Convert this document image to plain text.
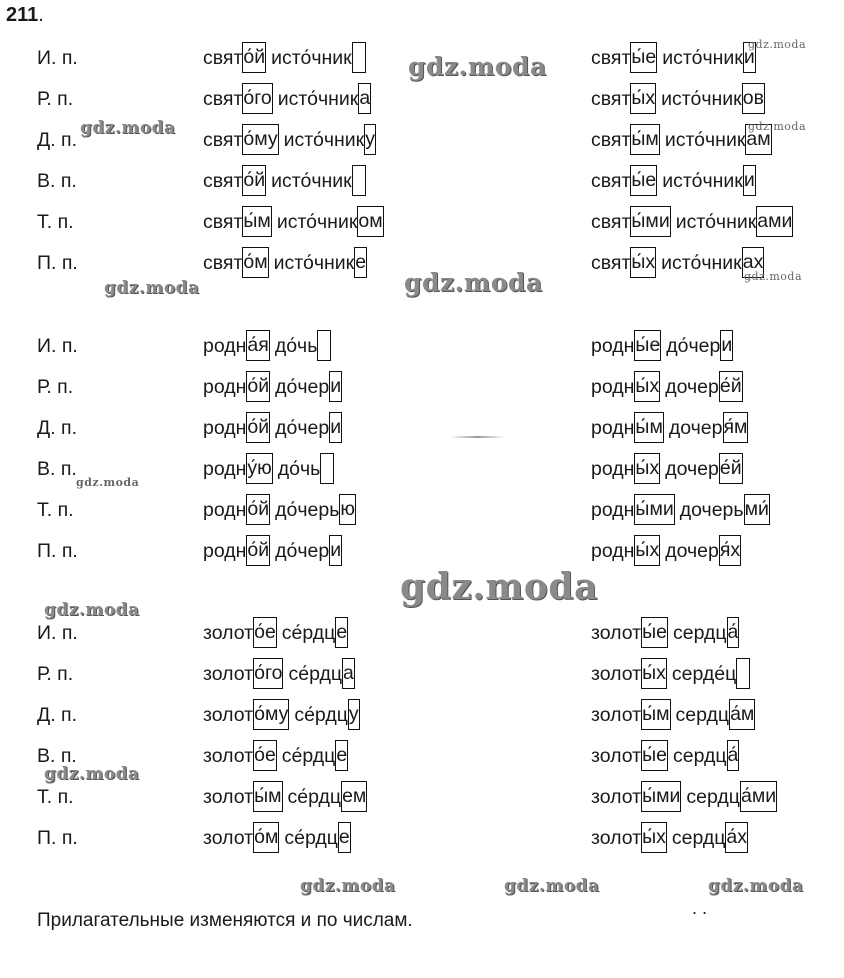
211.
И. п.	свято́й исто́чник	святы́е исто́чники
Р. п.	свято́го исто́чника	святы́х исто́чников
Д. п.	свято́му исто́чнику	святы́м исто́чникам
В. п.	свято́й исто́чник	святы́е исто́чники
Т. п.	святы́м исто́чником	святы́ми исто́чниками
П. п.	свято́м исто́чнике	святы́х исто́чниках
И. п.	родна́я до́чь	родны́е до́чери
Р. п.	родно́й до́чери	родны́х дочере́й
Д. п.	родно́й до́чери	родны́м дочеря́м
В. п.	родну́ю до́чь	родны́х дочере́й
Т. п.	родно́й до́черью	родны́ми дочерьми́
П. п.	родно́й до́чери	родны́х дочеря́х
И. п.	золото́е се́рдце	золоты́е сердца́
Р. п.	золото́го се́рдца	золоты́х серде́ц
Д. п.	золото́му се́рдцу	золоты́м сердца́м
В. п.	золото́е се́рдце	золоты́е сердца́
Т. п.	золоты́м се́рдцем	золоты́ми сердца́ми
П. п.	золото́м се́рдце	золоты́х сердца́х
Прилагательные изменяются и по числам.
. .
gdz.moda
gdz.moda
gdz.moda
gdz.moda
gdz.moda
gdz.moda
gdz.moda
gdz.moda
gdz.moda
gdz.moda
gdz.moda
gdz.moda	gdz.moda	gdz.moda
